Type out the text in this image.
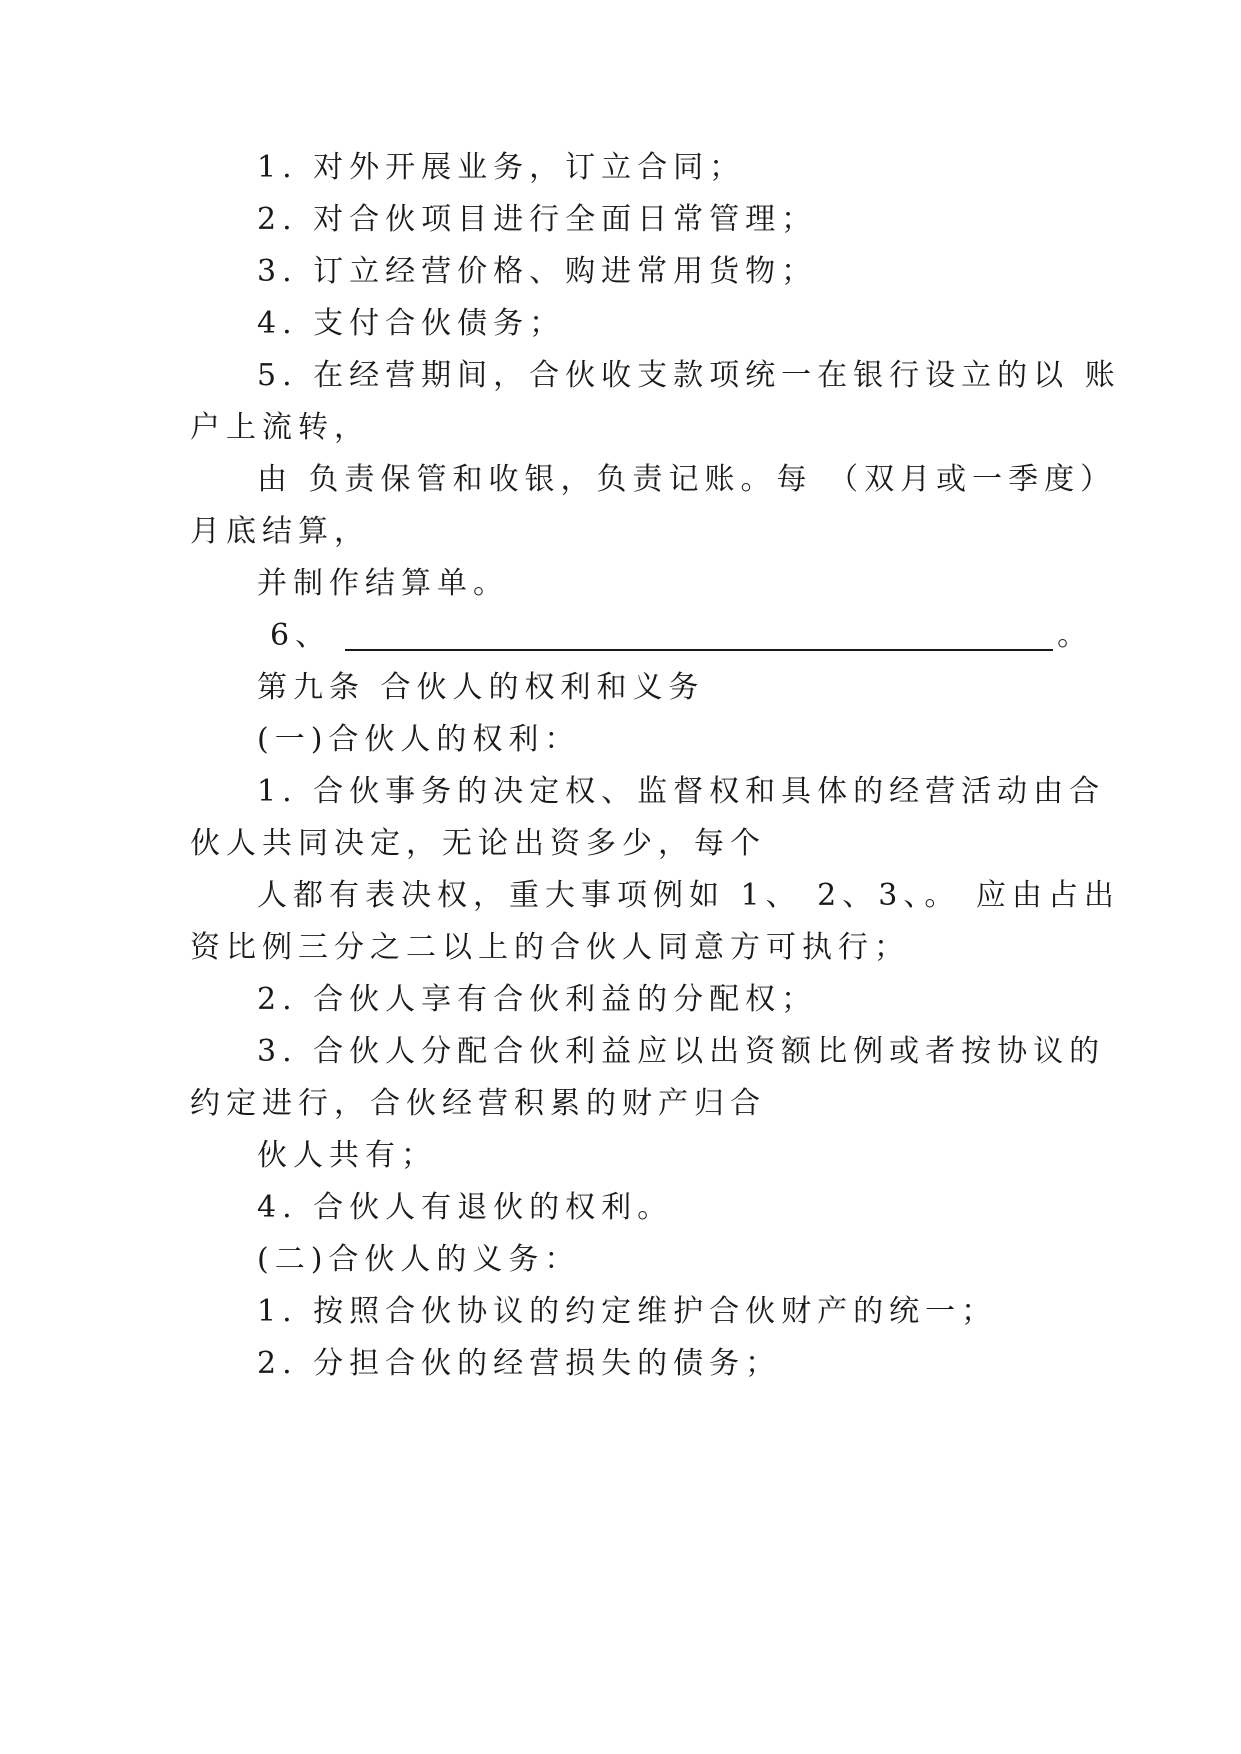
1. 对外开展业务，订立合同；
2. 对合伙项目进行全面日常管理；
3. 订立经营价格、购进常用货物；
4. 支付合伙债务；
5. 在经营期间，合伙收支款项统一在银行设立的以 账
户上流转，
由 负责保管和收银，负责记账。每 （双月或一季度）
月底结算，
并制作结算单。
6、	。
第九条 合伙人的权利和义务
(一)合伙人的权利：
1. 合伙事务的决定权、监督权和具体的经营活动由合
伙人共同决定，无论出资多少，每个
人都有表决权，重大事项例如 1、 2、3、。 应由占出
资比例三分之二以上的合伙人同意方可执行；
2. 合伙人享有合伙利益的分配权；
3. 合伙人分配合伙利益应以出资额比例或者按协议的
约定进行，合伙经营积累的财产归合
伙人共有；
4. 合伙人有退伙的权利。
(二)合伙人的义务：
1. 按照合伙协议的约定维护合伙财产的统一；
2. 分担合伙的经营损失的债务；
